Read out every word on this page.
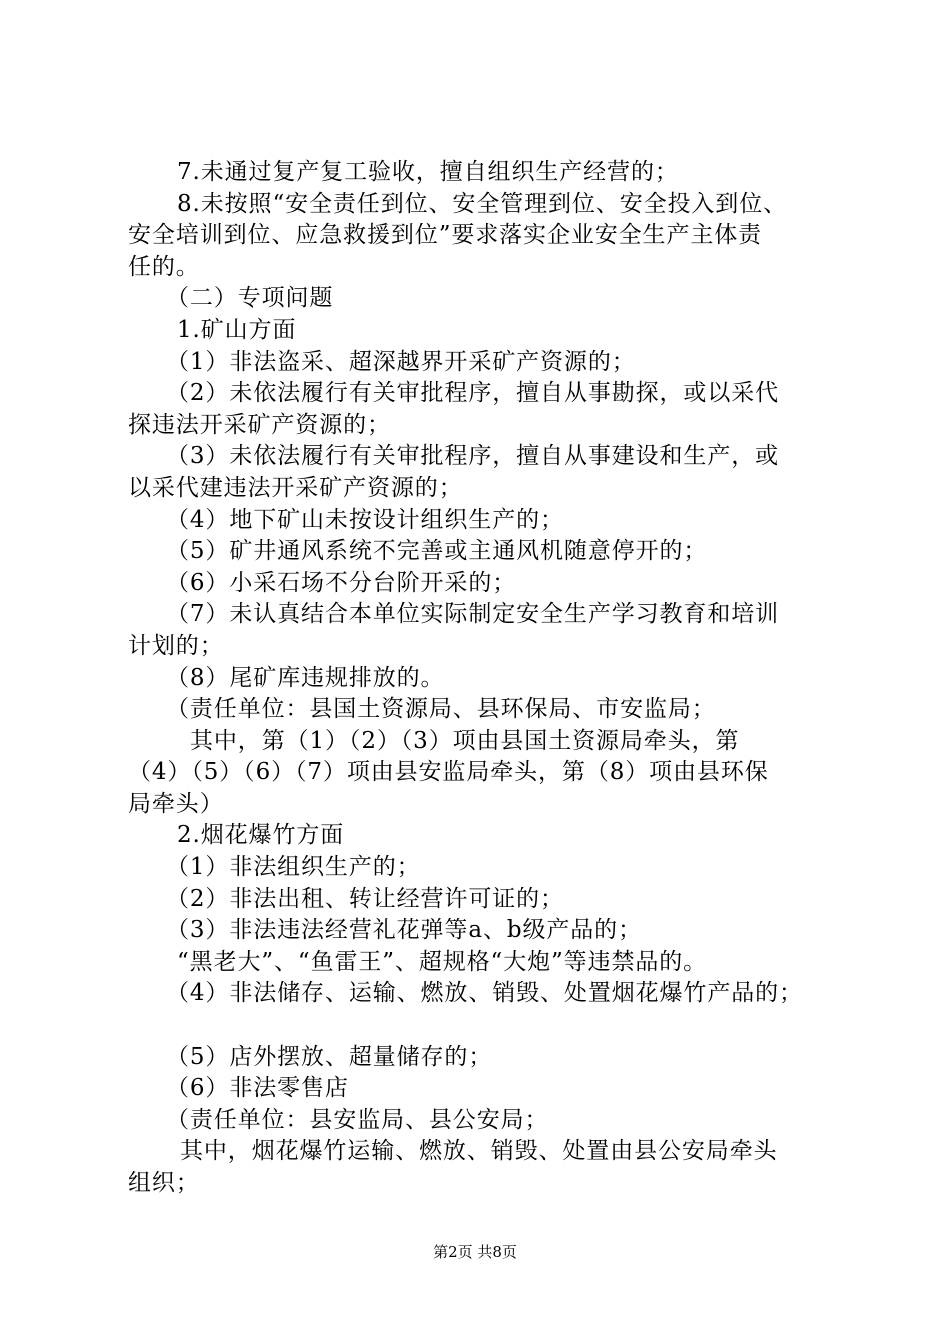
7.未通过复产复工验收，擅自组织生产经营的；
8.未按照“安全责任到位、安全管理到位、安全投入到位、
安全培训到位、应急救援到位”要求落实企业安全生产主体责
任的。
（二）专项问题
1.矿山方面
（1）非法盗采、超深越界开采矿产资源的；
（2）未依法履行有关审批程序，擅自从事勘探，或以采代
探违法开采矿产资源的；
（3）未依法履行有关审批程序，擅自从事建设和生产，或
以采代建违法开采矿产资源的；
（4）地下矿山未按设计组织生产的；
（5）矿井通风系统不完善或主通风机随意停开的；
（6）小采石场不分台阶开采的；
（7）未认真结合本单位实际制定安全生产学习教育和培训
计划的；
（8）尾矿库违规排放的。
（责任单位：县国土资源局、县环保局、市安监局；
其中，第（1）（2）（3）项由县国土资源局牵头，第
（4）（5）（6）（7）项由县安监局牵头，第（8）项由县环保
局牵头）
2.烟花爆竹方面
（1）非法组织生产的；
（2）非法出租、转让经营许可证的；
（3）非法违法经营礼花弹等a、b级产品的；
“黑老大”、“鱼雷王”、超规格“大炮”等违禁品的。
（4）非法储存、运输、燃放、销毁、处置烟花爆竹产品的；
（5）店外摆放、超量储存的；
（6）非法零售店
（责任单位：县安监局、县公安局；
其中，烟花爆竹运输、燃放、销毁、处置由县公安局牵头
组织；
第2页 共8页
